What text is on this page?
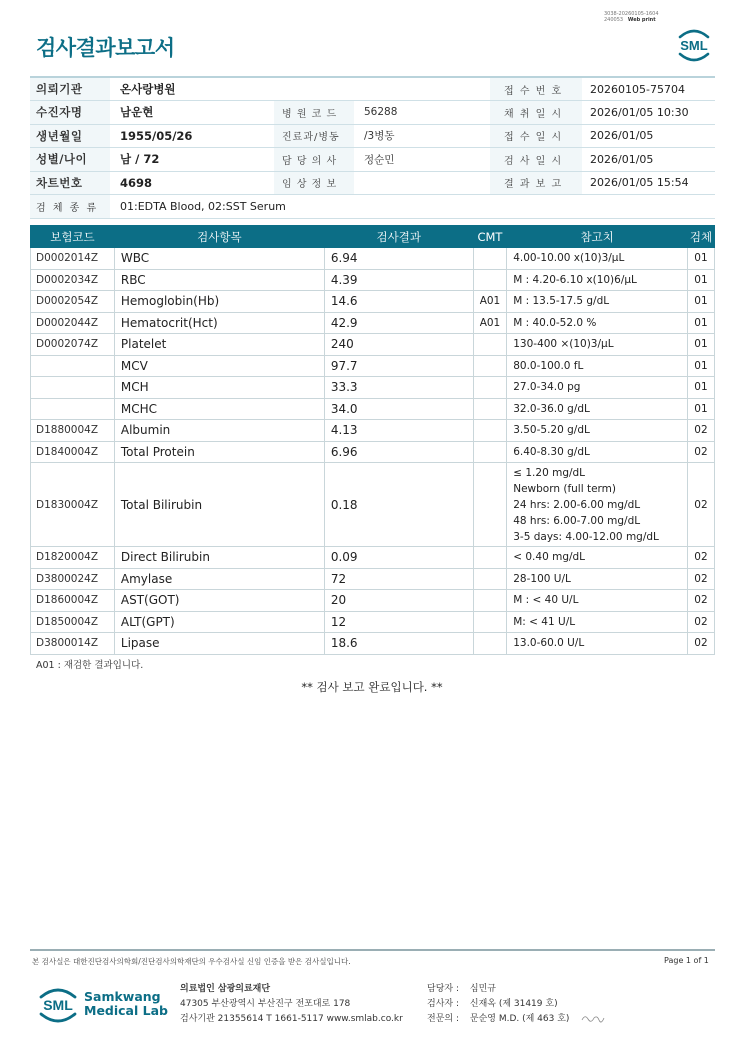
3038-20260105-1604
240053 Web print
검사결과보고서	SML
의뢰기관	온사랑병원			접 수 번 호	20260105-75704
수진자명	남운현	병 원 코 드	56288	채 취 일 시	2026/01/05 10:30
생년월일	1955/05/26	진료과/병동	/3병동	접 수 일 시	2026/01/05
성별/나이	남 / 72	담 당 의 사	정순민	검 사 일 시	2026/01/05
차트번호	4698	임 상 정 보		결 과 보 고	2026/01/05 15:54
검 체 종 류	01:EDTA Blood, 02:SST Serum				
보험코드	검사항목	검사결과	CMT	참고치	검체
D0002014Z	WBC	6.94		4.00-10.00 x(10)3/μL	01
D0002034Z	RBC	4.39		M : 4.20-6.10 x(10)6/μL	01
D0002054Z	Hemoglobin(Hb)	14.6	A01	M : 13.5-17.5 g/dL	01
D0002044Z	Hematocrit(Hct)	42.9	A01	M : 40.0-52.0 %	01
D0002074Z	Platelet	240		130-400 ×(10)3/μL	01
	MCV	97.7		80.0-100.0 fL	01
	MCH	33.3		27.0-34.0 pg	01
	MCHC	34.0		32.0-36.0 g/dL	01
D1880004Z	Albumin	4.13		3.50-5.20 g/dL	02
D1840004Z	Total Protein	6.96		6.40-8.30 g/dL	02
D1830004Z	Total Bilirubin	0.18		≤ 1.20 mg/dL
Newborn (full term)
24 hrs: 2.00-6.00 mg/dL
48 hrs: 6.00-7.00 mg/dL
3-5 days: 4.00-12.00 mg/dL	02
D1820004Z	Direct Bilirubin	0.09		< 0.40 mg/dL	02
D3800024Z	Amylase	72		28-100 U/L	02
D1860004Z	AST(GOT)	20		M : < 40 U/L	02
D1850004Z	ALT(GPT)	12		M: < 41 U/L	02
D3800014Z	Lipase	18.6		13.0-60.0 U/L	02
A01 : 재검한 결과입니다.
** 검사 보고 완료입니다. **
본 검사실은 대한진단검사의학회/진단검사의학재단의 우수검사실 신임 인증을 받은 검사실입니다.	Page 1 of 1
SML
Samkwang
Medical Lab
의료법인 삼광의료재단
47305 부산광역시 부산진구 전포대로 178
검사기관 21355614 T 1661-5117 www.smlab.co.kr
담당자 : 심민규
검사자 : 신재옥 (제 31419 호)
전문의 : 문순영 M.D. (제 463 호)
